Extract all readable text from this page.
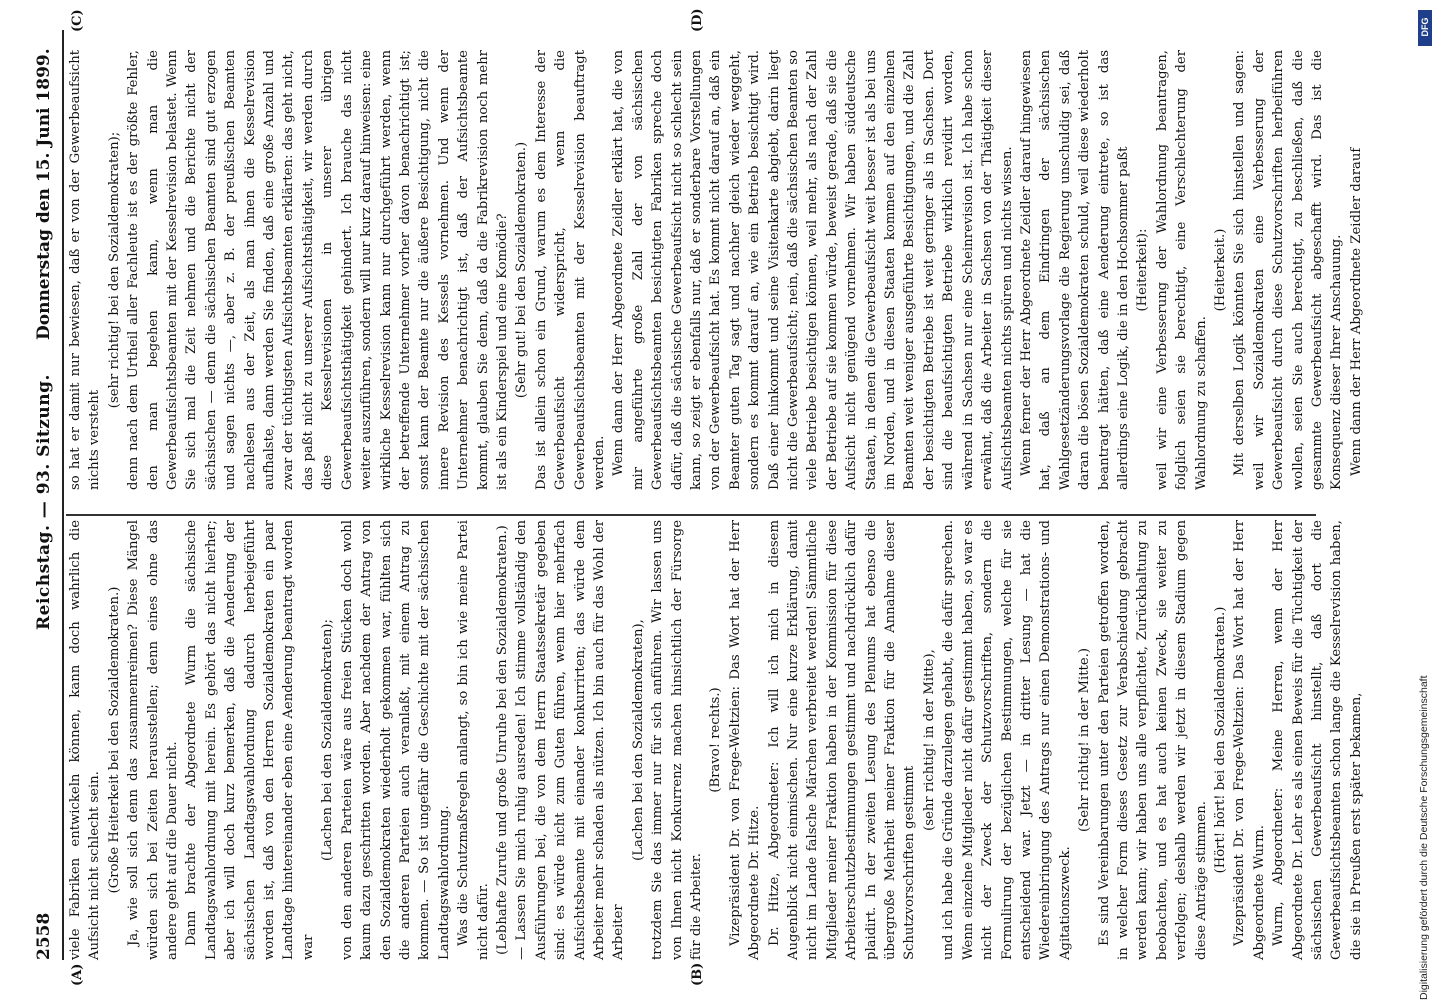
2558
Reichstag. — 93. Sitzung.
Donnerstag den 15. Juni 1899.
(A)	(B)
(C)	(D)

viele Fabriken entwickeln können, kann doch wahrlich die Aufsicht nicht schlecht sein. (Große Heiterkeit bei den Sozialdemokraten.) Ja, wie soll sich denn das zusammenreimen? Diese Mängel würden sich bei Zeiten herausstellen; denn eines ohne das andere geht auf die Dauer nicht. Dann brachte der Abgeordnete Wurm die sächsische Landtagswahlordnung mit herein. Es gehört das nicht hierher; aber ich will doch kurz bemerken, daß die Aenderung der sächsischen Landtagswahlordnung dadurch herbeigeführt worden ist, daß von den Herren Sozialdemokraten ein paar Landtage hintereinander eben eine Aenderung beantragt worden war

(Lachen bei den Sozialdemokraten); von den anderen Parteien wäre aus freien Stücken doch wohl kaum dazu geschritten worden. Aber nachdem der Antrag von den Sozialdemokraten wiederholt gekommen war, fühlten sich die anderen Parteien auch veranlaßt, mit einem Antrag zu kommen. — So ist ungefähr die Geschichte mit der sächsischen Landtagswahlordnung. Was die Schutzmaßregeln anlangt, so bin ich wie meine Partei nicht dafür. (Lebhafte Zurufe und große Unruhe bei den Sozialdemokraten.) — Lassen Sie mich ruhig ausreden! Ich stimme vollständig den Ausführungen bei, die von dem Herrn Staatssekretär gegeben sind: es würde nicht zum Guten führen, wenn hier mehrfach Aufsichtsbeamte mit einander konkurrirten; das würde dem Arbeiter mehr schaden als nützen. Ich bin auch für das Wohl der Arbeiter

(Lachen bei den Sozialdemokraten), trotzdem Sie das immer nur für sich anführen. Wir lassen uns von Ihnen nicht Konkurrenz machen hinsichtlich der Fürsorge für die Arbeiter.

(Bravo! rechts.) Vizepräsident Dr. von Frege-Weltzien: Das Wort hat der Herr Abgeordnete Dr. Hitze. Dr. Hitze, Abgeordneter: Ich will ich mich in diesem Augenblick nicht einmischen. Nur eine kurze Erklärung, damit nicht im Lande falsche Märchen verbreitet werden! Sämmtliche Mitglieder meiner Fraktion haben in der Kommission für diese Arbeiterschutzbestimmungen gestimmt und nachdrücklich dafür plaidirt. In der zweiten Lesung des Plenums hat ebenso die übergroße Mehrheit meiner Fraktion für die Annahme dieser Schutzvorschriften gestimmt

(sehr richtig! in der Mitte), und ich habe die Gründe darzulegen gehabt, die dafür sprechen. Wenn einzelne Mitglieder nicht dafür gestimmt haben, so war es nicht der Zweck der Schutzvorschriften, sondern die Formulirung der bezüglichen Bestimmungen, welche für sie entscheidend war. Jetzt — in dritter Lesung — hat die Wiedereinbringung des Antrags nur einen Demonstrations- und Agitationszweck.

(Sehr richtig! in der Mitte.) Es sind Vereinbarungen unter den Parteien getroffen worden, in welcher Form dieses Gesetz zur Verabschiedung gebracht werden kann; wir haben uns alle verpflichtet, Zurückhaltung zu beobachten, und es hat auch keinen Zweck, sie weiter zu verfolgen; deshalb werden wir jetzt in diesem Stadium gegen diese Anträge stimmen.

(Hört! hört! bei den Sozialdemokraten.) Vizepräsident Dr. von Frege-Weltzien: Das Wort hat der Herr Abgeordnete Wurm. Wurm, Abgeordneter: Meine Herren, wenn der Herr Abgeordnete Dr. Lehr es als einen Beweis für die Tüchtigkeit der sächsischen Gewerbeaufsicht hinstellt, daß dort die Gewerbeaufsichtsbeamten schon lange die Kesselrevision haben, die sie in Preußen erst später bekamen,

so hat er damit nur bewiesen, daß er von der Gewerbeaufsicht nichts versteht

(sehr richtig! bei den Sozialdemokraten); denn nach dem Urtheil aller Fachleute ist es der größte Fehler, den man begehen kann, wenn man die Gewerbeaufsichtsbeamten mit der Kesselrevision belastet. Wenn Sie sich mal die Zeit nehmen und die Berichte nicht der sächsischen — denn die sächsischen Beamten sind gut erzogen und sagen nichts —, aber z. B. der preußischen Beamten nachlesen aus der Zeit, als man ihnen die Kesselrevision aufhalste, dann werden Sie finden, daß eine große Anzahl und zwar der tüchtigsten Aufsichtsbeamten erklärten: das geht nicht, das paßt nicht zu unserer Aufsichtsthätigkeit, wir werden durch diese Kesselrevisionen in unserer übrigen Gewerbeaufsichtsthätigkeit gehindert. Ich brauche das nicht weiter auszuführen, sondern will nur kurz darauf hinweisen: eine wirkliche Kesselrevision kann nur durchgeführt werden, wenn der betreffende Unternehmer vorher davon benachrichtigt ist; sonst kann der Beamte nur die äußere Besichtigung, nicht die innere Revision des Kessels vornehmen. Und wenn der Unternehmer benachrichtigt ist, daß der Aufsichtsbeamte kommt, glauben Sie denn, daß da die Fabrikrevision noch mehr ist als ein Kinderspiel und eine Komödie? (Sehr gut! bei den Sozialdemokraten.) Das ist allein schon ein Grund, warum es dem Interesse der Gewerbeaufsicht widerspricht, wenn die Gewerbeaufsichtsbeamten mit der Kesselrevision beauftragt werden. Wenn dann der Herr Abgeordnete Zeidler erklärt hat, die von mir angeführte große Zahl der von sächsischen Gewerbeaufsichtsbeamten besichtigten Fabriken spreche doch dafür, daß die sächsische Gewerbeaufsicht nicht so schlecht sein kann, so zeigt er ebenfalls nur, daß er sonderbare Vorstellungen von der Gewerbeaufsicht hat. Es kommt nicht darauf an, daß ein Beamter guten Tag sagt und nachher gleich wieder weggeht, sondern es kommt darauf an, wie ein Betrieb besichtigt wird. Daß einer hinkommt und seine Visitenkarte abgiebt, darin liegt nicht die Gewerbeaufsicht; nein, daß die sächsischen Beamten so viele Betriebe besichtigen können, weil mehr, als nach der Zahl der Betriebe auf sie kommen würde, beweist gerade, daß sie die Aufsicht nicht genügend vornehmen. Wir haben süddeutsche Staaten, in denen die Gewerbeaufsicht weit besser ist als bei uns im Norden, und in diesen Staaten kommen auf den einzelnen Beamten weit weniger ausgeführte Besichtigungen, und die Zahl der besichtigten Betriebe ist weit geringer als in Sachsen. Dort sind die beaufsichtigten Betriebe wirklich revidirt worden, während in Sachsen nur eine Scheinrevision ist. Ich habe schon erwähnt, daß die Arbeiter in Sachsen von der Thätigkeit dieser Aufsichtsbeamten nichts spüren und nichts wissen. Wenn ferner der Herr Abgeordnete Zeidler darauf hingewiesen hat, daß an dem Eindringen der sächsischen Wahlgesetzänderungsvorlage die Regierung unschuldig sei, daß daran die bösen Sozialdemokraten schuld, weil diese wiederholt beantragt hätten, daß eine Aenderung eintrete, so ist das allerdings eine Logik, die in den Hochsommer paßt (Heiterkeit): weil wir eine Verbesserung der Wahlordnung beantragen, folglich seien sie berechtigt, eine Verschlechterung der Wahlordnung zu schaffen.

(Heiterkeit.) Mit derselben Logik könnten Sie sich hinstellen und sagen: weil wir Sozialdemokraten eine Verbesserung der Gewerbeaufsicht durch diese Schutzvorschriften herbeiführen wollen, seien Sie auch berechtigt, zu beschließen, daß die gesammte Gewerbeaufsicht abgeschafft wird. Das ist die Konsequenz dieser Ihrer Anschauung. Wenn dann der Herr Abgeordnete Zeidler darauf

DFG
Digitalisierung gefördert durch die Deutsche Forschungsgemeinschaft
